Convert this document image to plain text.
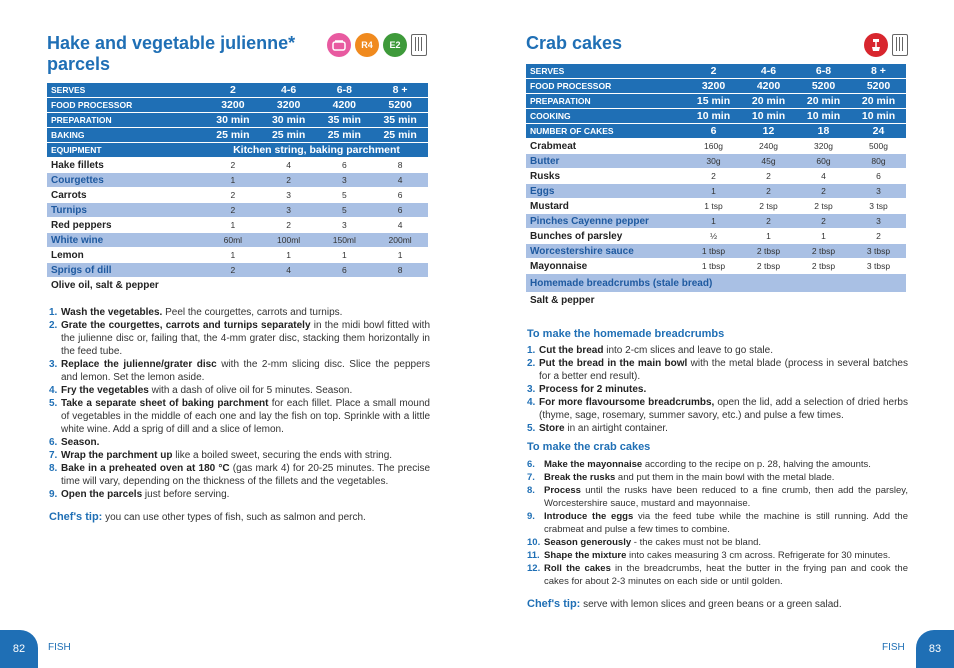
Hake and vegetable julienne*
parcels
R4	E2
SERVES	2	4-6	6-8	8 +
FOOD PROCESSOR	3200	3200	4200	5200
PREPARATION	30 min	30 min	35 min	35 min
BAKING	25 min	25 min	25 min	25 min
EQUIPMENT	Kitchen string, baking parchment			
Hake fillets	2	4	6	8
Courgettes	1	2	3	4
Carrots	2	3	5	6
Turnips	2	3	5	6
Red peppers	1	2	3	4
White wine	60ml	100ml	150ml	200ml
Lemon	1	1	1	1
Sprigs of dill	2	4	6	8
Olive oil, salt & pepper				
1. Wash the vegetables. Peel the courgettes, carrots and turnips.
2. Grate the courgettes, carrots and turnips separately in the midi bowl fitted with the julienne disc or, failing that, the 4-mm grater disc, stacking them horizontally in the feed tube.
3. Replace the julienne/grater disc with the 2-mm slicing disc. Slice the peppers and lemon. Set the lemon aside.
4. Fry the vegetables with a dash of olive oil for 5 minutes. Season.
5. Take a separate sheet of baking parchment for each fillet. Place a small mound of vegetables in the middle of each one and lay the fish on top. Sprinkle with a little white wine. Add a sprig of dill and a slice of lemon.
6. Season.
7. Wrap the parchment up like a boiled sweet, securing the ends with string.
8. Bake in a preheated oven at 180 °C (gas mark 4) for 20-25 minutes. The precise time will vary, depending on the thickness of the fillets and the vegetables.
9. Open the parcels just before serving.

Chef's tip: you can use other types of fish, such as salmon and perch.

82	FISH
Crab cakes
SERVES	2	4-6	6-8	8 +
FOOD PROCESSOR	3200	4200	5200	5200
PREPARATION	15 min	20 min	20 min	20 min
COOKING	10 min	10 min	10 min	10 min
NUMBER OF CAKES	6	12	18	24
Crabmeat	160g	240g	320g	500g
Butter	30g	45g	60g	80g
Rusks	2	2	4	6
Eggs	1	2	2	3
Mustard	1 tsp	2 tsp	2 tsp	3 tsp
Pinches Cayenne pepper	1	2	2	3
Bunches of parsley	½	1	1	2
Worcestershire sauce	1 tbsp	2 tbsp	2 tbsp	3 tbsp
Mayonnaise	1 tbsp	2 tbsp	2 tbsp	3 tbsp
Homemade breadcrumbs (stale bread)				
Salt & pepper				

To make the homemade breadcrumbs

1. Cut the bread into 2-cm slices and leave to go stale.
2. Put the bread in the main bowl with the metal blade (process in several batches for a better end result).
3. Process for 2 minutes.
4. For more flavoursome breadcrumbs, open the lid, add a selection of dried herbs (thyme, sage, rosemary, summer savory, etc.) and pulse a few times.
5. Store in an airtight container.

To make the crab cakes

6. Make the mayonnaise according to the recipe on p. 28, halving the amounts.
7. Break the rusks and put them in the main bowl with the metal blade.
8. Process until the rusks have been reduced to a fine crumb, then add the parsley, Worcestershire sauce, mustard and mayonnaise.
9. Introduce the eggs via the feed tube while the machine is still running. Add the crabmeat and pulse a few times to combine.
10. Season generously - the cakes must not be bland.
11. Shape the mixture into cakes measuring 3 cm across. Refrigerate for 30 minutes.
12. Roll the cakes in the breadcrumbs, heat the butter in the frying pan and cook the cakes for about 2-3 minutes on each side or until golden.

Chef's tip: serve with lemon slices and green beans or a green salad.

83
FISH
